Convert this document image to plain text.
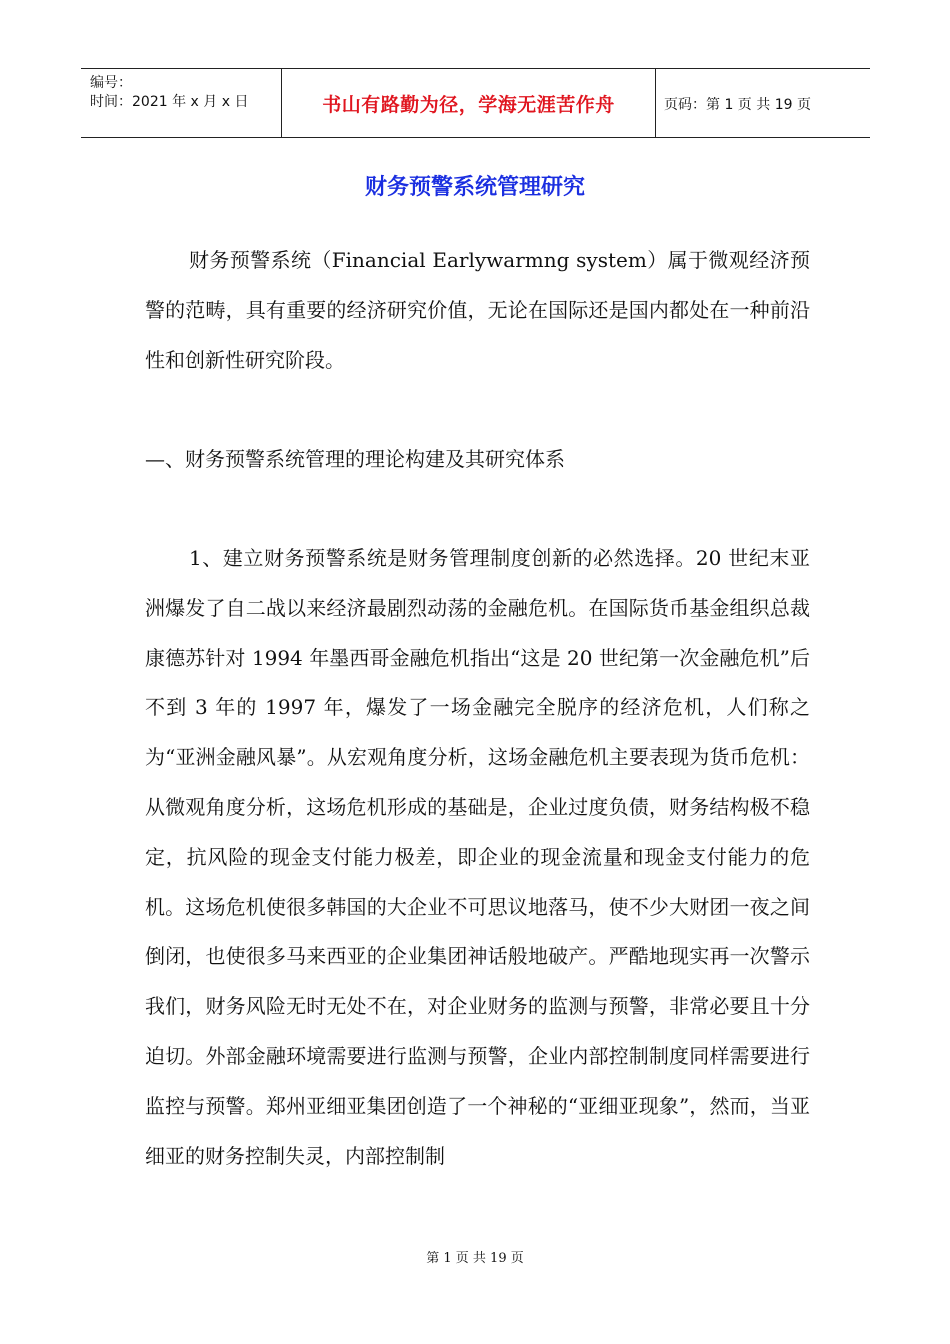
编号：
时间：2021 年 x 月 x 日	书山有路勤为径，学海无涯苦作舟	页码：第 1 页 共 19 页
财务预警系统管理研究

财务预警系统（Financial Earlywarmng system）属于微观经济预警的范畴，具有重要的经济研究价值，无论在国际还是国内都处在一种前沿性和创新性研究阶段。

—、财务预警系统管理的理论构建及其研究体系

1、建立财务预警系统是财务管理制度创新的必然选择。20 世纪末亚洲爆发了自二战以来经济最剧烈动荡的金融危机。在国际货币基金组织总裁康德苏针对 1994 年墨西哥金融危机指出“这是 20 世纪第一次金融危机”后不到 3 年的 1997 年，爆发了一场金融完全脱序的经济危机，人们称之为“亚洲金融风暴”。从宏观角度分析，这场金融危机主要表现为货币危机：从微观角度分析，这场危机形成的基础是，企业过度负债，财务结构极不稳定，抗风险的现金支付能力极差，即企业的现金流量和现金支付能力的危机。这场危机使很多韩国的大企业不可思议地落马，使不少大财团一夜之间倒闭，也使很多马来西亚的企业集团神话般地破产。严酷地现实再一次警示我们，财务风险无时无处不在，对企业财务的监测与预警，非常必要且十分迫切。外部金融环境需要进行监测与预警，企业内部控制制度同样需要进行监控与预警。郑州亚细亚集团创造了一个神秘的“亚细亚现象”，然而，当亚细亚的财务控制失灵，内部控制制

第 1 页 共 19 页
